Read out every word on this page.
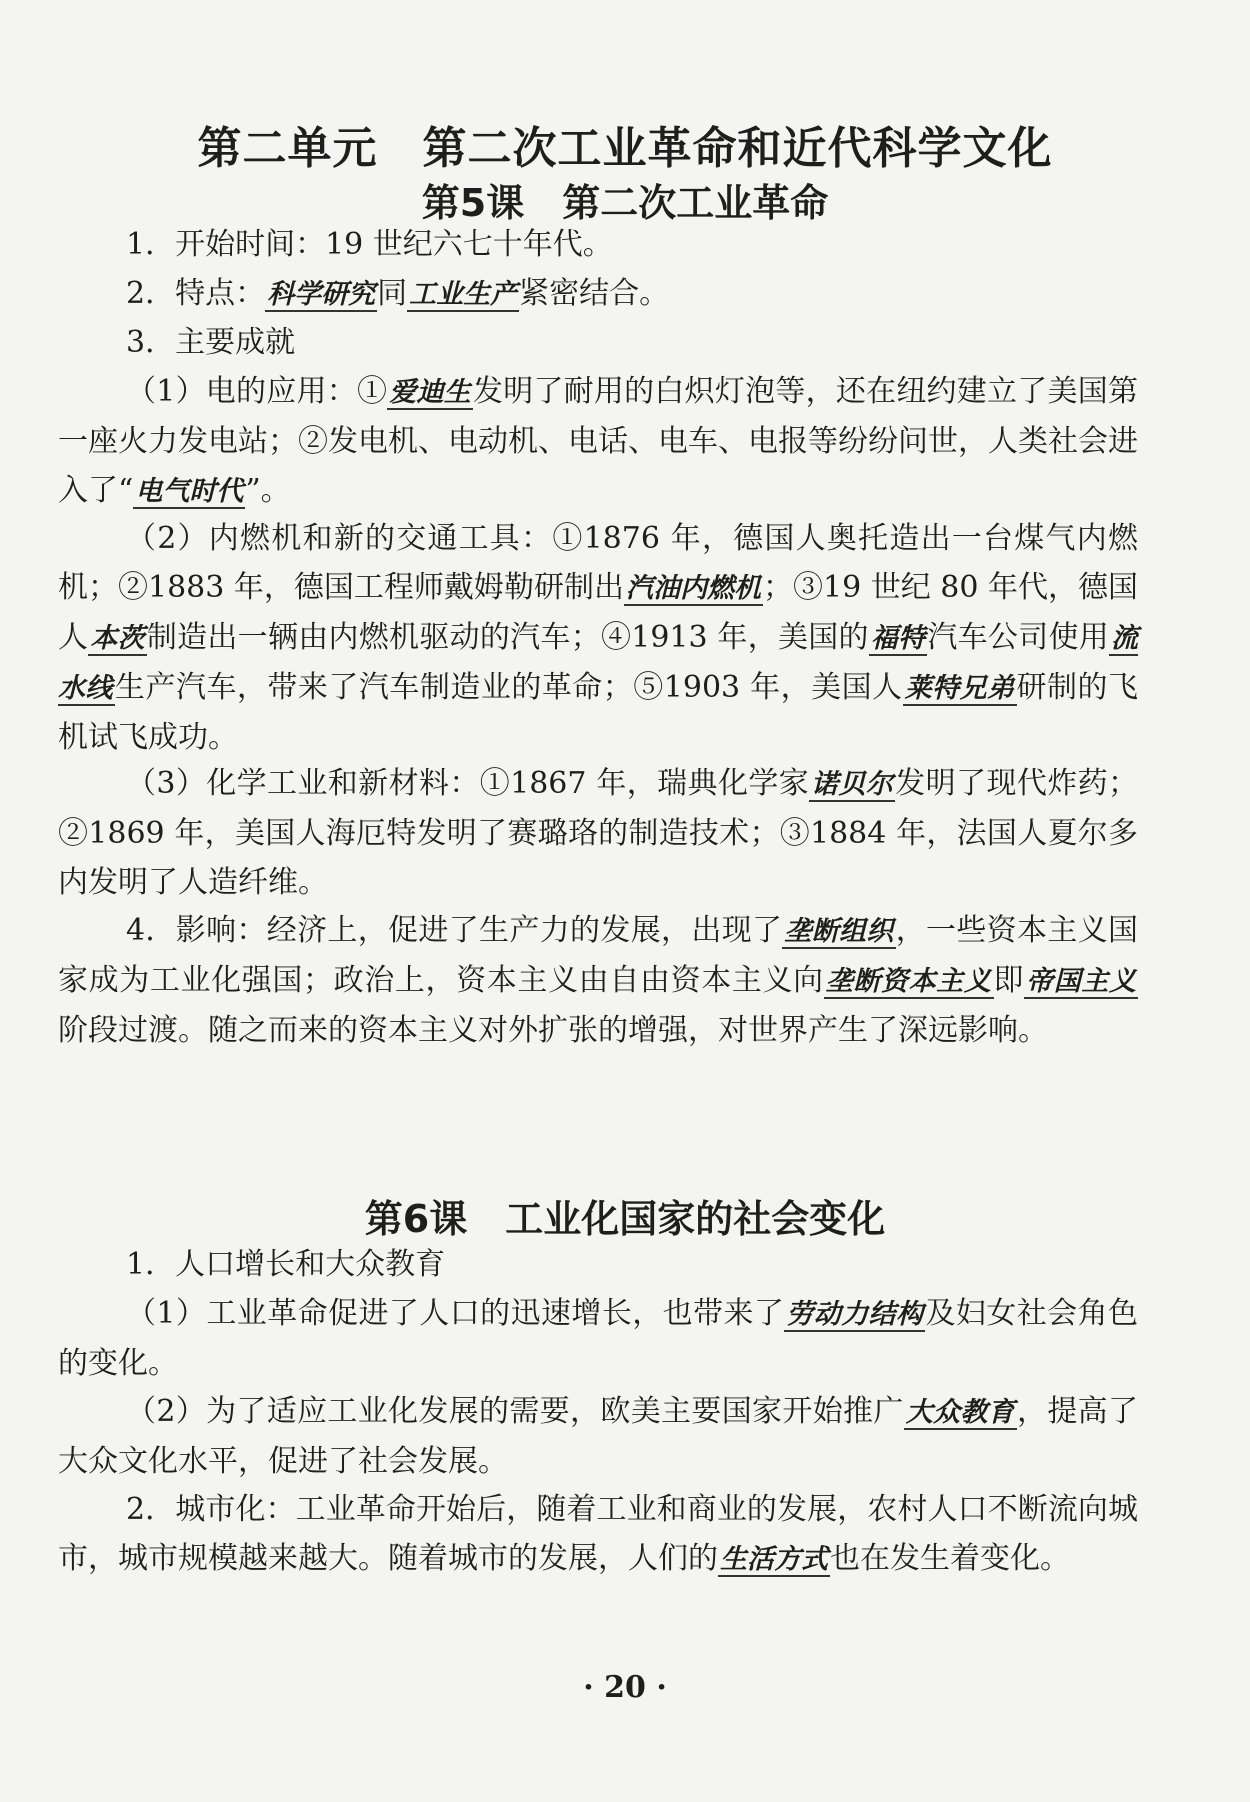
第二单元　第二次工业革命和近代科学文化
第5课　第二次工业革命
1．开始时间：19 世纪六七十年代。
2．特点：科学研究同工业生产紧密结合。
3．主要成就
（1）电的应用：①爱迪生发明了耐用的白炽灯泡等，还在纽约建立了美国第一座火力发电站；②发电机、电动机、电话、电车、电报等纷纷问世，人类社会进入了“电气时代”。
（2）内燃机和新的交通工具：①1876 年，德国人奥托造出一台煤气内燃机；②1883 年，德国工程师戴姆勒研制出汽油内燃机；③19 世纪 80 年代，德国人本茨制造出一辆由内燃机驱动的汽车；④1913 年，美国的福特汽车公司使用流水线生产汽车，带来了汽车制造业的革命；⑤1903 年，美国人莱特兄弟研制的飞机试飞成功。
（3）化学工业和新材料：①1867 年，瑞典化学家诺贝尔发明了现代炸药；②1869 年，美国人海厄特发明了赛璐珞的制造技术；③1884 年，法国人夏尔多内发明了人造纤维。
4．影响：经济上，促进了生产力的发展，出现了垄断组织，一些资本主义国家成为工业化强国；政治上，资本主义由自由资本主义向垄断资本主义即帝国主义阶段过渡。随之而来的资本主义对外扩张的增强，对世界产生了深远影响。
第6课　工业化国家的社会变化
1．人口增长和大众教育
（1）工业革命促进了人口的迅速增长，也带来了劳动力结构及妇女社会角色的变化。
（2）为了适应工业化发展的需要，欧美主要国家开始推广大众教育，提高了大众文化水平，促进了社会发展。
2．城市化：工业革命开始后，随着工业和商业的发展，农村人口不断流向城市，城市规模越来越大。随着城市的发展，人们的生活方式也在发生着变化。
· 20 ·
